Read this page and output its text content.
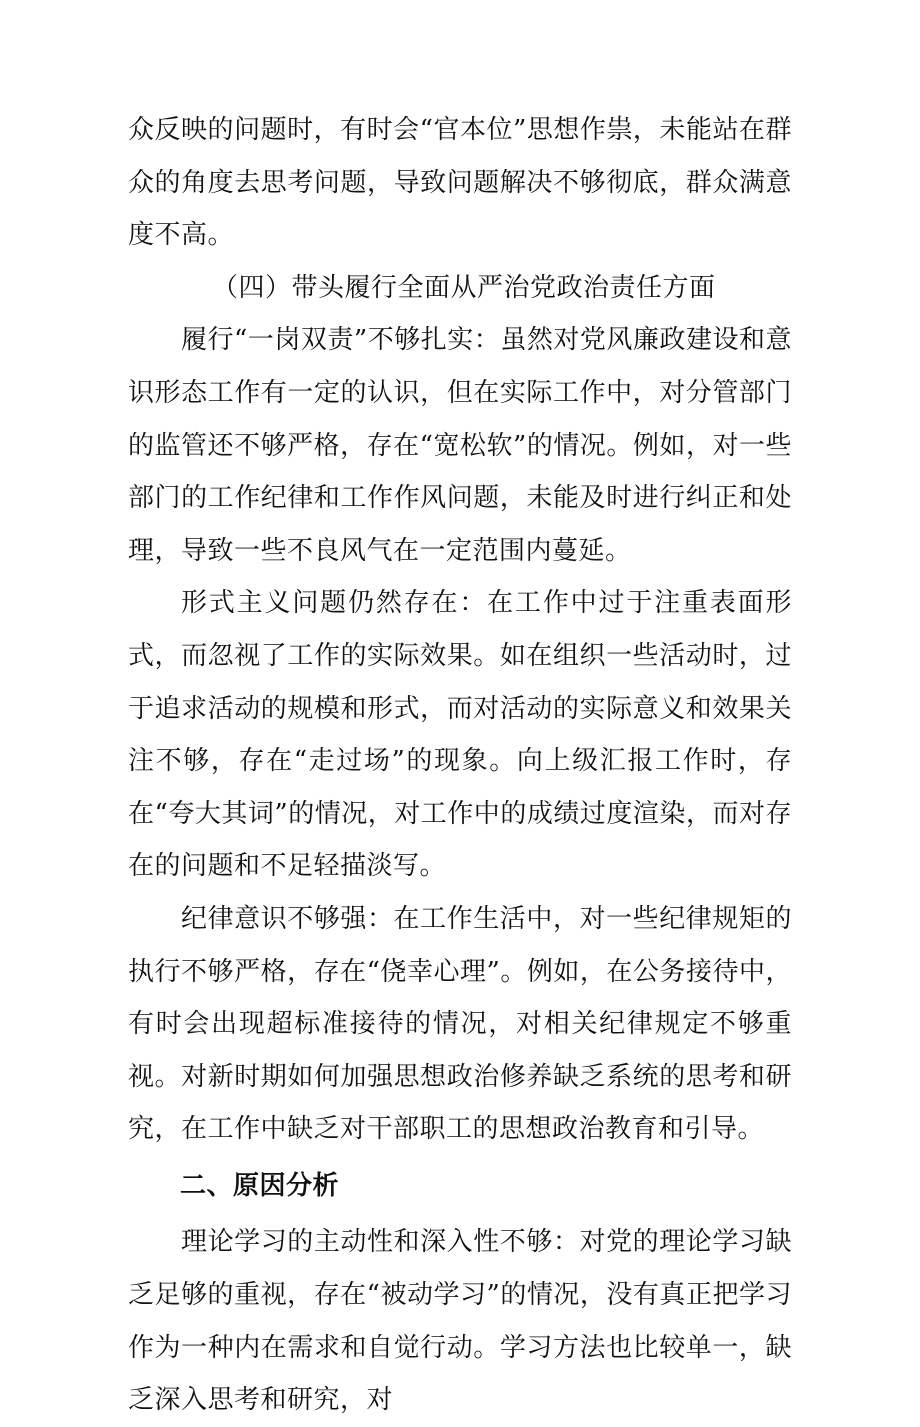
众反映的问题时，有时会“官本位”思想作祟，未能站在群众的角度去思考问题，导致问题解决不够彻底，群众满意度不高。

（四）带头履行全面从严治党政治责任方面

履行“一岗双责”不够扎实：虽然对党风廉政建设和意识形态工作有一定的认识，但在实际工作中，对分管部门的监管还不够严格，存在“宽松软”的情况。例如，对一些部门的工作纪律和工作作风问题，未能及时进行纠正和处理，导致一些不良风气在一定范围内蔓延。

形式主义问题仍然存在：在工作中过于注重表面形式，而忽视了工作的实际效果。如在组织一些活动时，过于追求活动的规模和形式，而对活动的实际意义和效果关注不够，存在“走过场”的现象。向上级汇报工作时，存在“夸大其词”的情况，对工作中的成绩过度渲染，而对存在的问题和不足轻描淡写。

纪律意识不够强：在工作生活中，对一些纪律规矩的执行不够严格，存在“侥幸心理”。例如，在公务接待中，有时会出现超标准接待的情况，对相关纪律规定不够重视。对新时期如何加强思想政治修养缺乏系统的思考和研究，在工作中缺乏对干部职工的思想政治教育和引导。

二、原因分析

理论学习的主动性和深入性不够：对党的理论学习缺乏足够的重视，存在“被动学习”的情况，没有真正把学习作为一种内在需求和自觉行动。学习方法也比较单一，缺乏深入思考和研究，对
